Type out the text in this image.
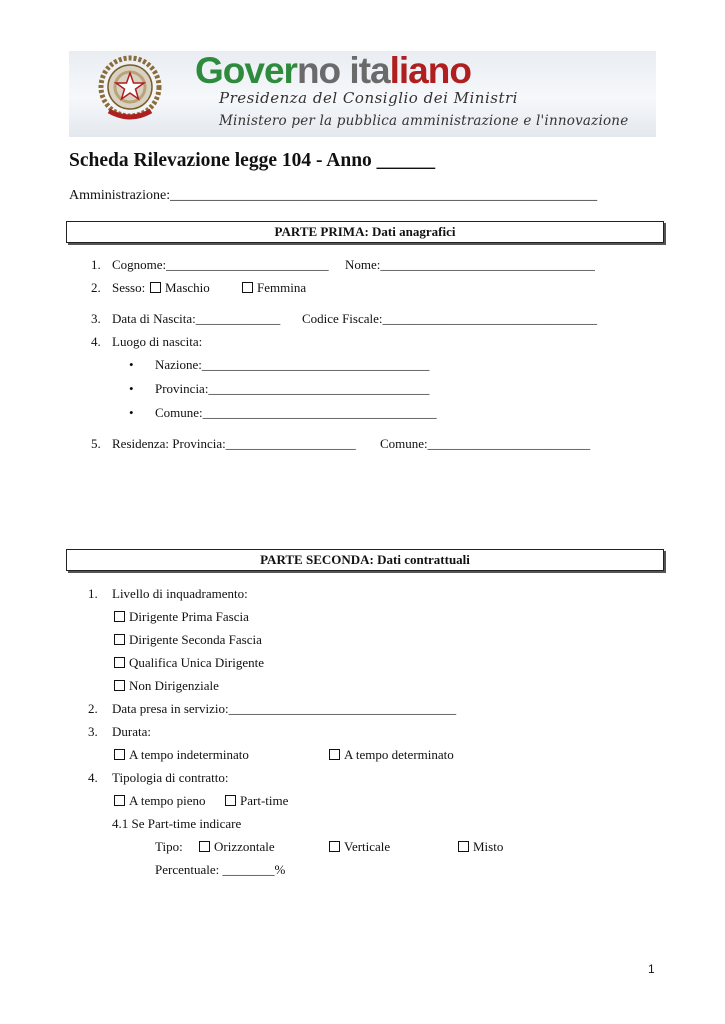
Governo italiano
Presidenza del Consiglio dei Ministri
Ministero per la pubblica amministrazione e l'innovazione
Scheda Rilevazione legge 104 - Anno ______
Amministrazione:_____________________________________________________________
PARTE PRIMA: Dati anagrafici
1. Cognome:_________________________ Nome:_________________________________
2. Sesso:	Maschio	Femmina
3. Data di Nascita:_____________ Codice Fiscale:_________________________________
4. Luogo di nascita:
• Nazione:___________________________________
• Provincia:__________________________________
• Comune:____________________________________
5. Residenza: Provincia:____________________ Comune:_________________________
PARTE SECONDA: Dati contrattuali
1. Livello di inquadramento:
Dirigente Prima Fascia
Dirigente Seconda Fascia
Qualifica Unica Dirigente
Non Dirigenziale
2. Data presa in servizio:___________________________________
3. Durata:
A tempo indeterminato	A tempo determinato
4. Tipologia di contratto:
A tempo pieno	Part-time
4.1 Se Part-time indicare
Tipo:	Orizzontale	Verticale	Misto
Percentuale: ________%
1
